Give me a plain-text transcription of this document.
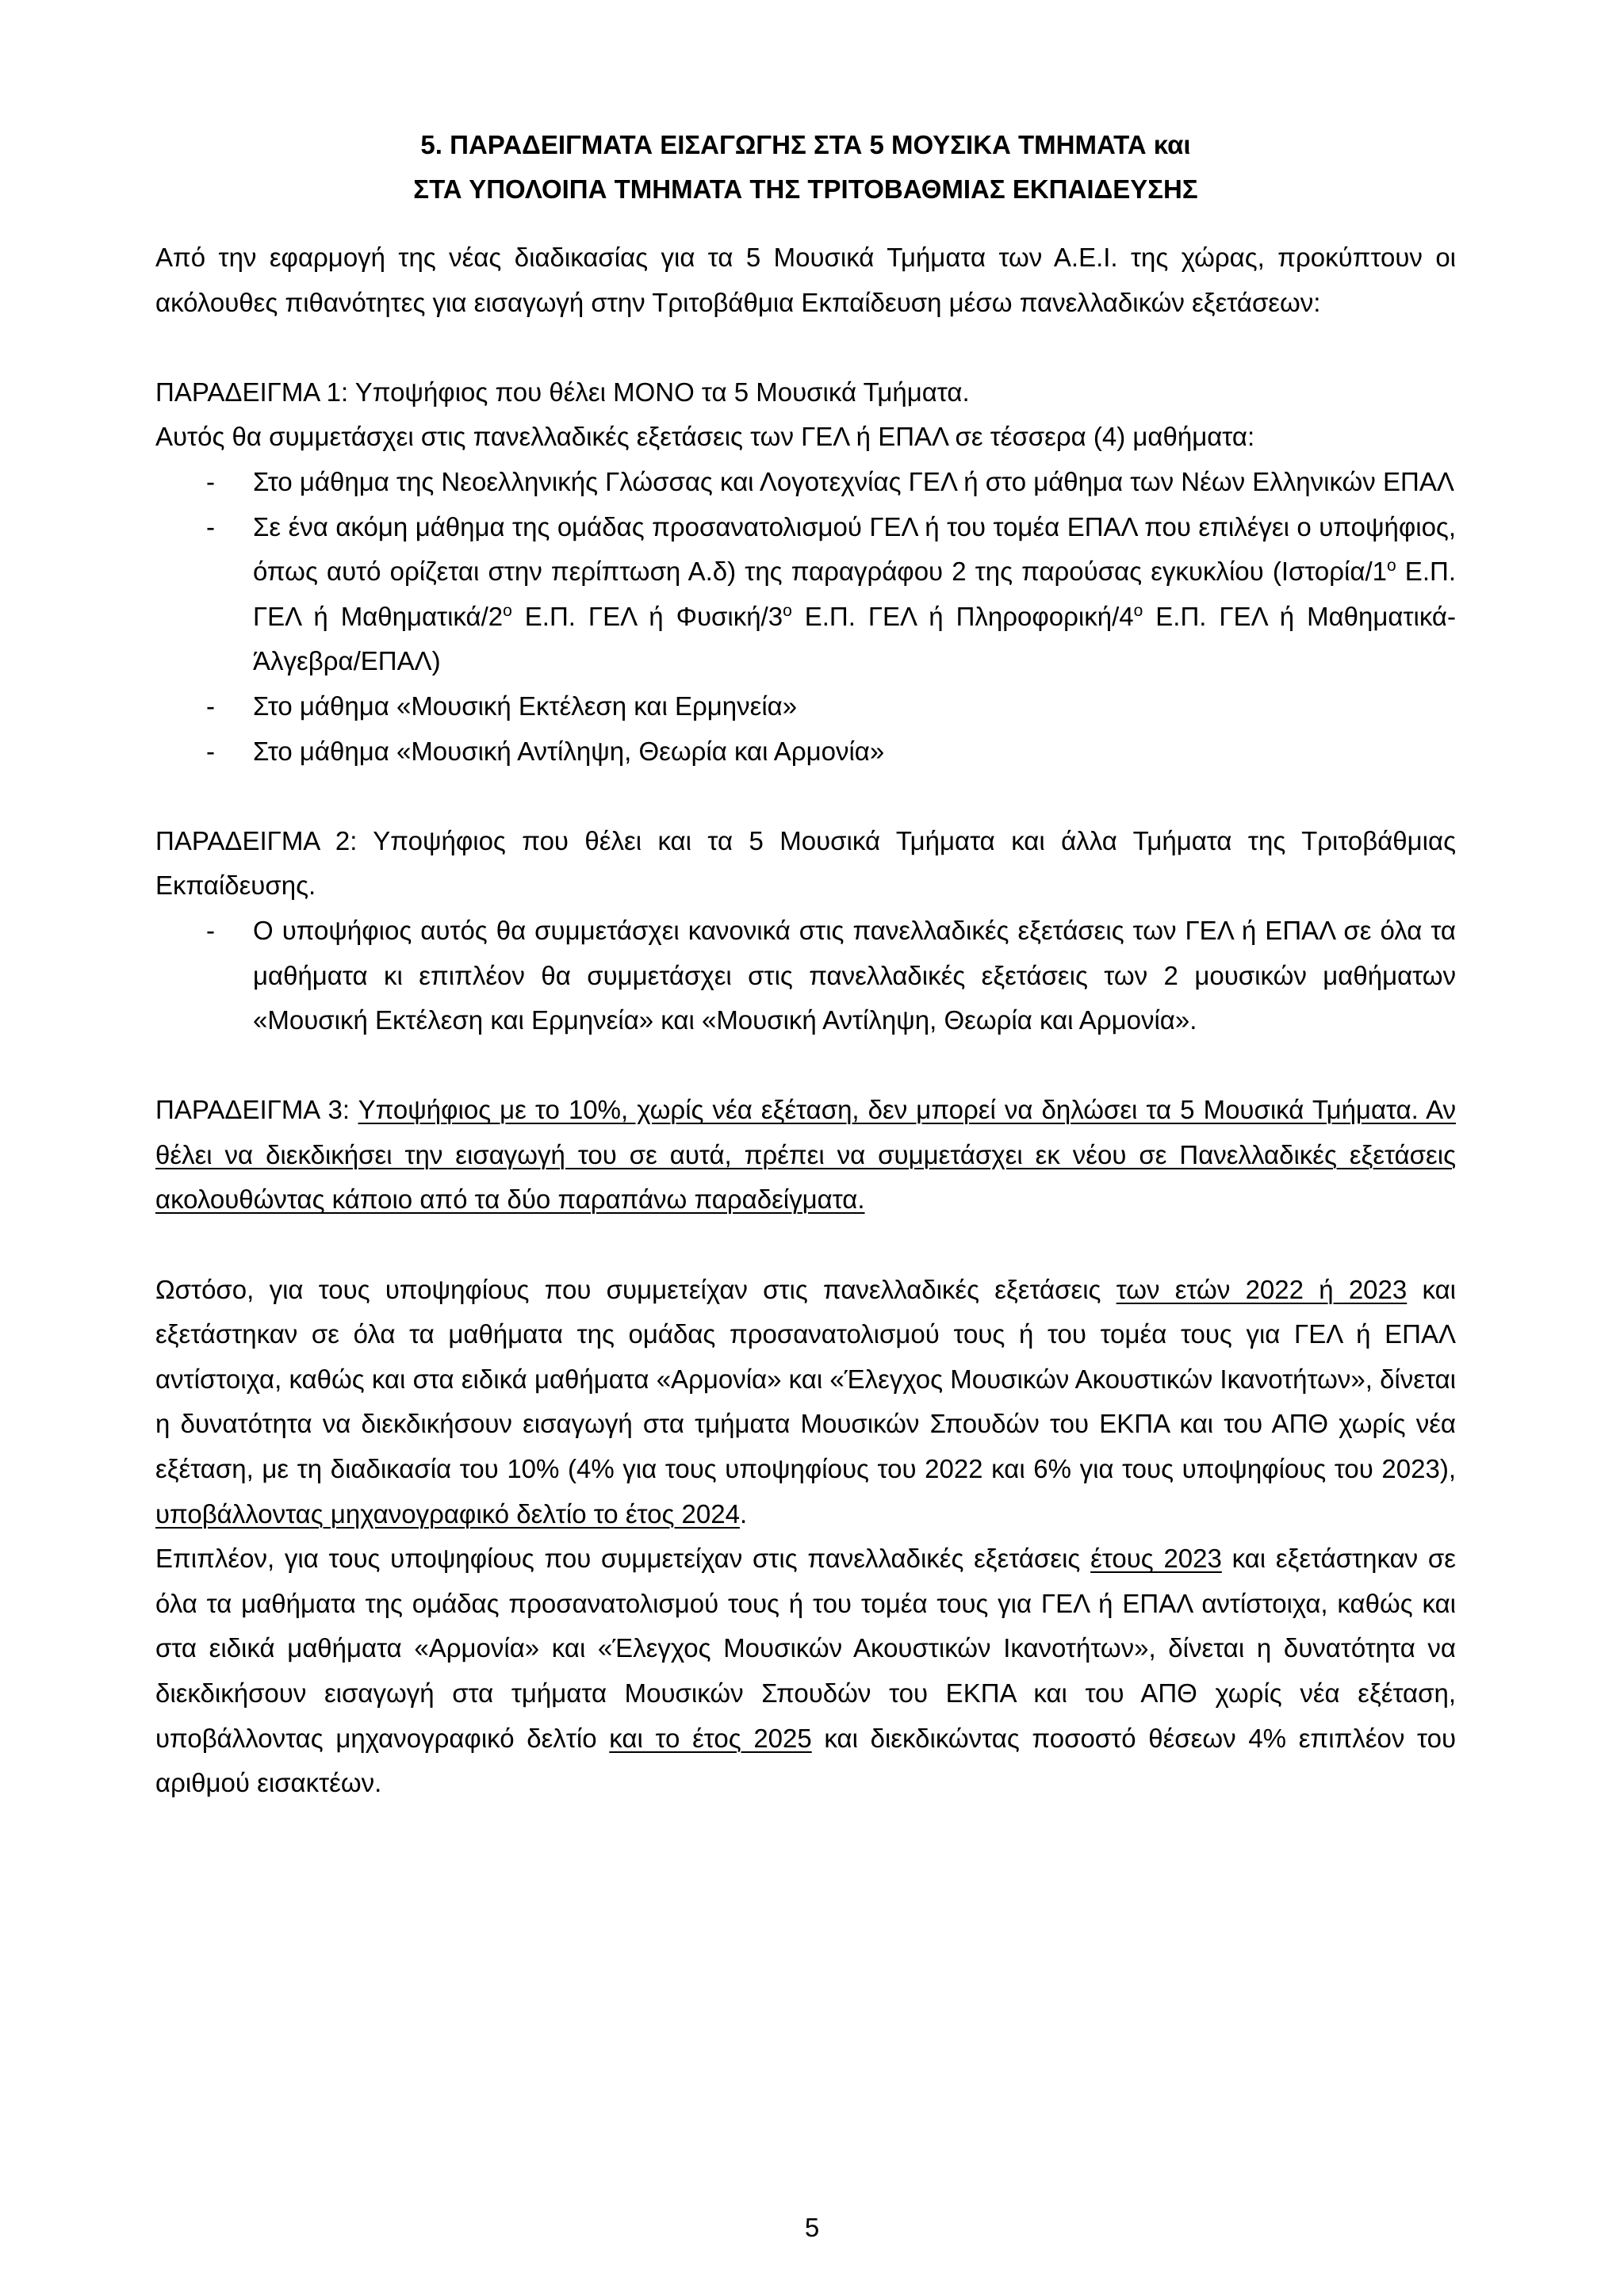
5. ΠΑΡΑΔΕΙΓΜΑΤΑ ΕΙΣΑΓΩΓΗΣ ΣΤΑ 5 ΜΟΥΣΙΚΑ ΤΜΗΜΑΤΑ και
ΣΤΑ ΥΠΟΛΟΙΠΑ ΤΜΗΜΑΤΑ ΤΗΣ ΤΡΙΤΟΒΑΘΜΙΑΣ ΕΚΠΑΙΔΕΥΣΗΣ

Από την εφαρμογή της νέας διαδικασίας για τα 5 Μουσικά Τμήματα των Α.Ε.Ι. της χώρας, προκύπτουν οι ακόλουθες πιθανότητες για εισαγωγή στην Τριτοβάθμια Εκπαίδευση μέσω πανελλαδικών εξετάσεων:

ΠΑΡΑΔΕΙΓΜΑ 1: Υποψήφιος που θέλει ΜΟΝΟ τα 5 Μουσικά Τμήματα.

Αυτός θα συμμετάσχει στις πανελλαδικές εξετάσεις των ΓΕΛ ή ΕΠΑΛ σε τέσσερα (4) μαθήματα:

- Στο μάθημα της Νεοελληνικής Γλώσσας και Λογοτεχνίας ΓΕΛ ή στο μάθημα των Νέων Ελληνικών ΕΠΑΛ
- Σε ένα ακόμη μάθημα της ομάδας προσανατολισμού ΓΕΛ ή του τομέα ΕΠΑΛ που επιλέγει ο υποψήφιος, όπως αυτό ορίζεται στην περίπτωση Α.δ) της παραγράφου 2 της παρούσας εγκυκλίου ($I\sigma\tau o\rho ί\alpha/1^o$ Ε.Π. ΓΕΛ ή Μαθηματικά/$2^o$ Ε.Π. ΓΕΛ ή Φυσική/$3^o$ Ε.Π. ΓΕΛ ή Πληροφορική/$4^o$ Ε.Π. ΓΕΛ ή Μαθηματικά-Άλγεβρα/ΕΠΑΛ)
- Στο μάθημα «Μουσική Εκτέλεση και Ερμηνεία»
- Στο μάθημα «Μουσική Αντίληψη, Θεωρία και Αρμονία»

ΠΑΡΑΔΕΙΓΜΑ 2: Υποψήφιος που θέλει και τα 5 Μουσικά Τμήματα και άλλα Τμήματα της Τριτοβάθμιας Εκπαίδευσης.

- Ο υποψήφιος αυτός θα συμμετάσχει κανονικά στις πανελλαδικές εξετάσεις των ΓΕΛ ή ΕΠΑΛ σε όλα τα μαθήματα κι επιπλέον θα συμμετάσχει στις πανελλαδικές εξετάσεις των 2 μουσικών μαθήματων «Μουσική Εκτέλεση και Ερμηνεία» και «Μουσική Αντίληψη, Θεωρία και Αρμονία».

ΠΑΡΑΔΕΙΓΜΑ 3: Υποψήφιος με το 10%, χωρίς νέα εξέταση, δεν μπορεί να δηλώσει τα 5 Μουσικά Τμήματα. Αν θέλει να διεκδικήσει την εισαγωγή του σε αυτά, πρέπει να συμμετάσχει εκ νέου σε Πανελλαδικές εξετάσεις ακολουθώντας κάποιο από τα δύο παραπάνω παραδείγματα.

Ωστόσο, για τους υποψηφίους που συμμετείχαν στις πανελλαδικές εξετάσεις των ετών 2022 ή 2023 και εξετάστηκαν σε όλα τα μαθήματα της ομάδας προσανατολισμού τους ή του τομέα τους για ΓΕΛ ή ΕΠΑΛ αντίστοιχα, καθώς και στα ειδικά μαθήματα «Αρμονία» και «Έλεγχος Μουσικών Ακουστικών Ικανοτήτων», δίνεται η δυνατότητα να διεκδικήσουν εισαγωγή στα τμήματα Μουσικών Σπουδών του ΕΚΠΑ και του ΑΠΘ χωρίς νέα εξέταση, με τη διαδικασία του 10% (4% για τους υποψηφίους του 2022 και 6% για τους υποψηφίους του 2023), υποβάλλοντας μηχανογραφικό δελτίο το έτος 2024.

Επιπλέον, για τους υποψηφίους που συμμετείχαν στις πανελλαδικές εξετάσεις έτους 2023 και εξετάστηκαν σε όλα τα μαθήματα της ομάδας προσανατολισμού τους ή του τομέα τους για ΓΕΛ ή ΕΠΑΛ αντίστοιχα, καθώς και στα ειδικά μαθήματα «Αρμονία» και «Έλεγχος Μουσικών Ακουστικών Ικανοτήτων», δίνεται η δυνατότητα να διεκδικήσουν εισαγωγή στα τμήματα Μουσικών Σπουδών του ΕΚΠΑ και του ΑΠΘ χωρίς νέα εξέταση, υποβάλλοντας μηχανογραφικό δελτίο και το έτος 2025 και διεκδικώντας ποσοστό θέσεων 4% επιπλέον του αριθμού εισακτέων.

5
